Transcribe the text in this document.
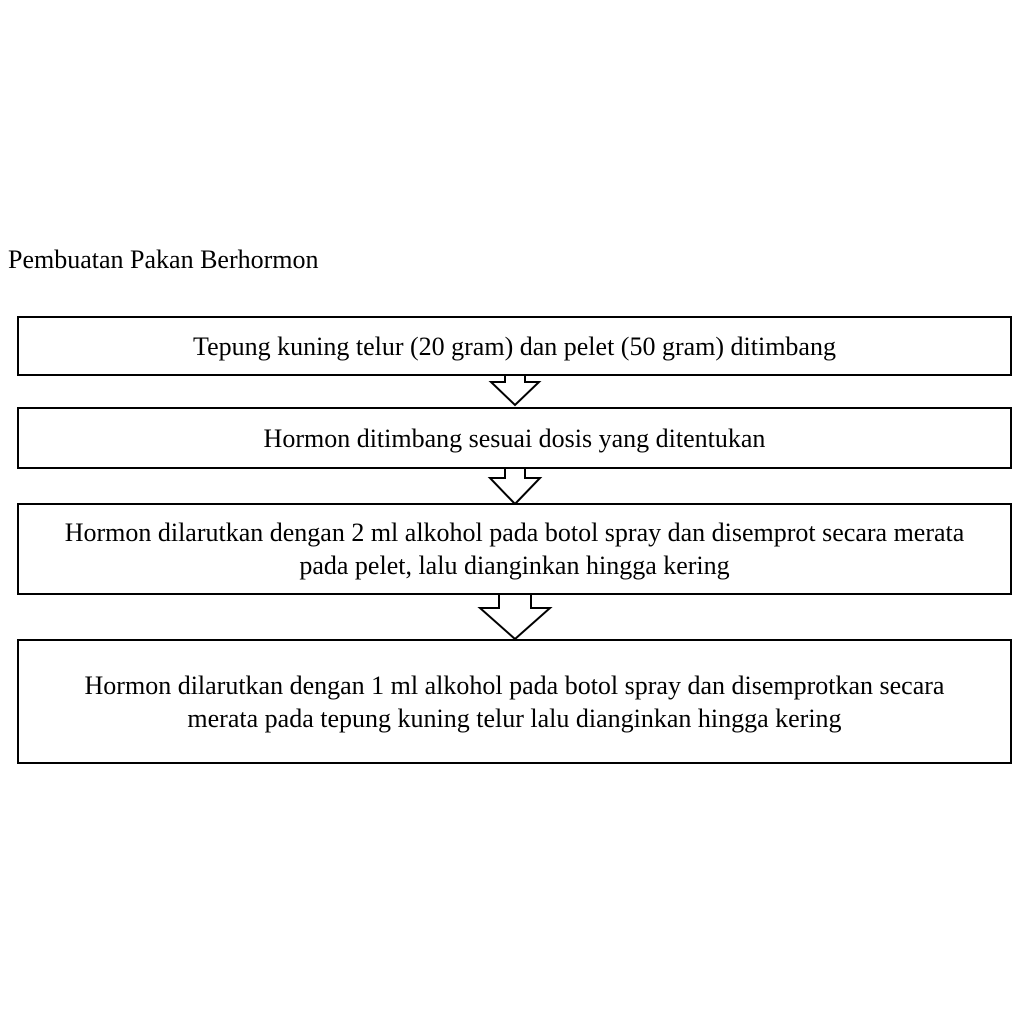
Pembuatan Pakan Berhormon
Tepung kuning telur (20 gram) dan pelet (50 gram) ditimbang
Hormon ditimbang sesuai dosis yang ditentukan
Hormon dilarutkan dengan 2 ml alkohol pada botol spray dan disemprot secara merata pada pelet, lalu dianginkan hingga kering
Hormon dilarutkan dengan 1 ml alkohol pada botol spray dan disemprotkan secara merata pada tepung kuning telur lalu dianginkan hingga kering
